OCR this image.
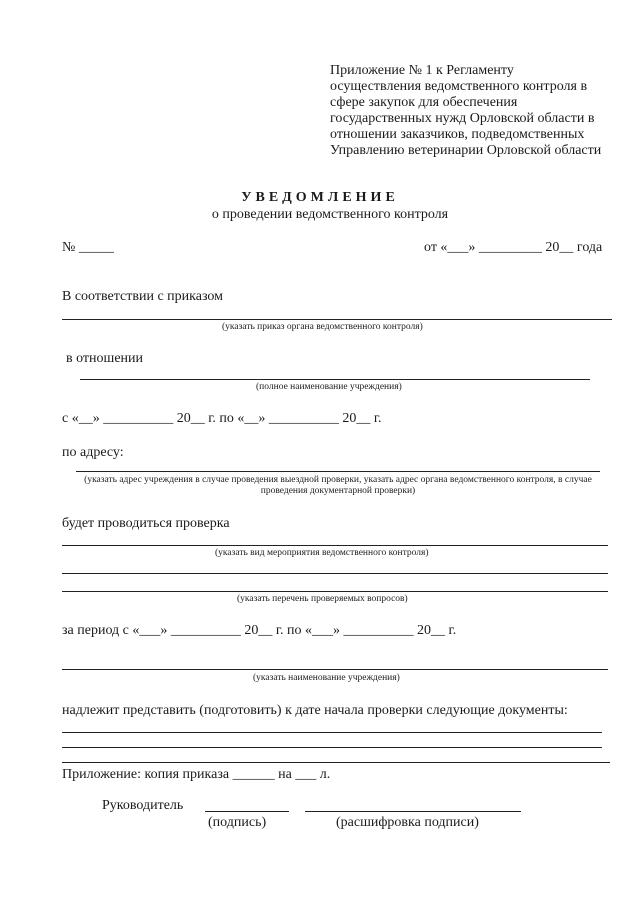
Приложение № 1 к Регламенту
осуществления ведомственного контроля в
сфере закупок для обеспечения
государственных нужд Орловской области в
отношении заказчиков, подведомственных
Управлению ветеринарии Орловской области
УВЕДОМЛЕНИЕ
о проведении ведомственного контроля
№ _____	от «___» _________ 20__ года
В соответствии с приказом
(указать приказ органа ведомственного контроля)
в отношении
(полное наименование учреждения)
с «__» __________ 20__ г. по «__» __________ 20__ г.
по адресу:
(указать адрес учреждения в случае проведения выездной проверки, указать адрес органа ведомственного контроля, в случае проведения документарной проверки)
будет проводиться проверка
(указать вид мероприятия ведомственного контроля)
(указать перечень проверяемых вопросов)
за период с «___» __________ 20__ г. по «___» __________ 20__ г.
(указать наименование учреждения)
надлежит представить (подготовить) к дате начала проверки следующие документы:
Приложение: копия приказа ______ на ___ л.
Руководитель
(подпись)	(расшифровка подписи)
